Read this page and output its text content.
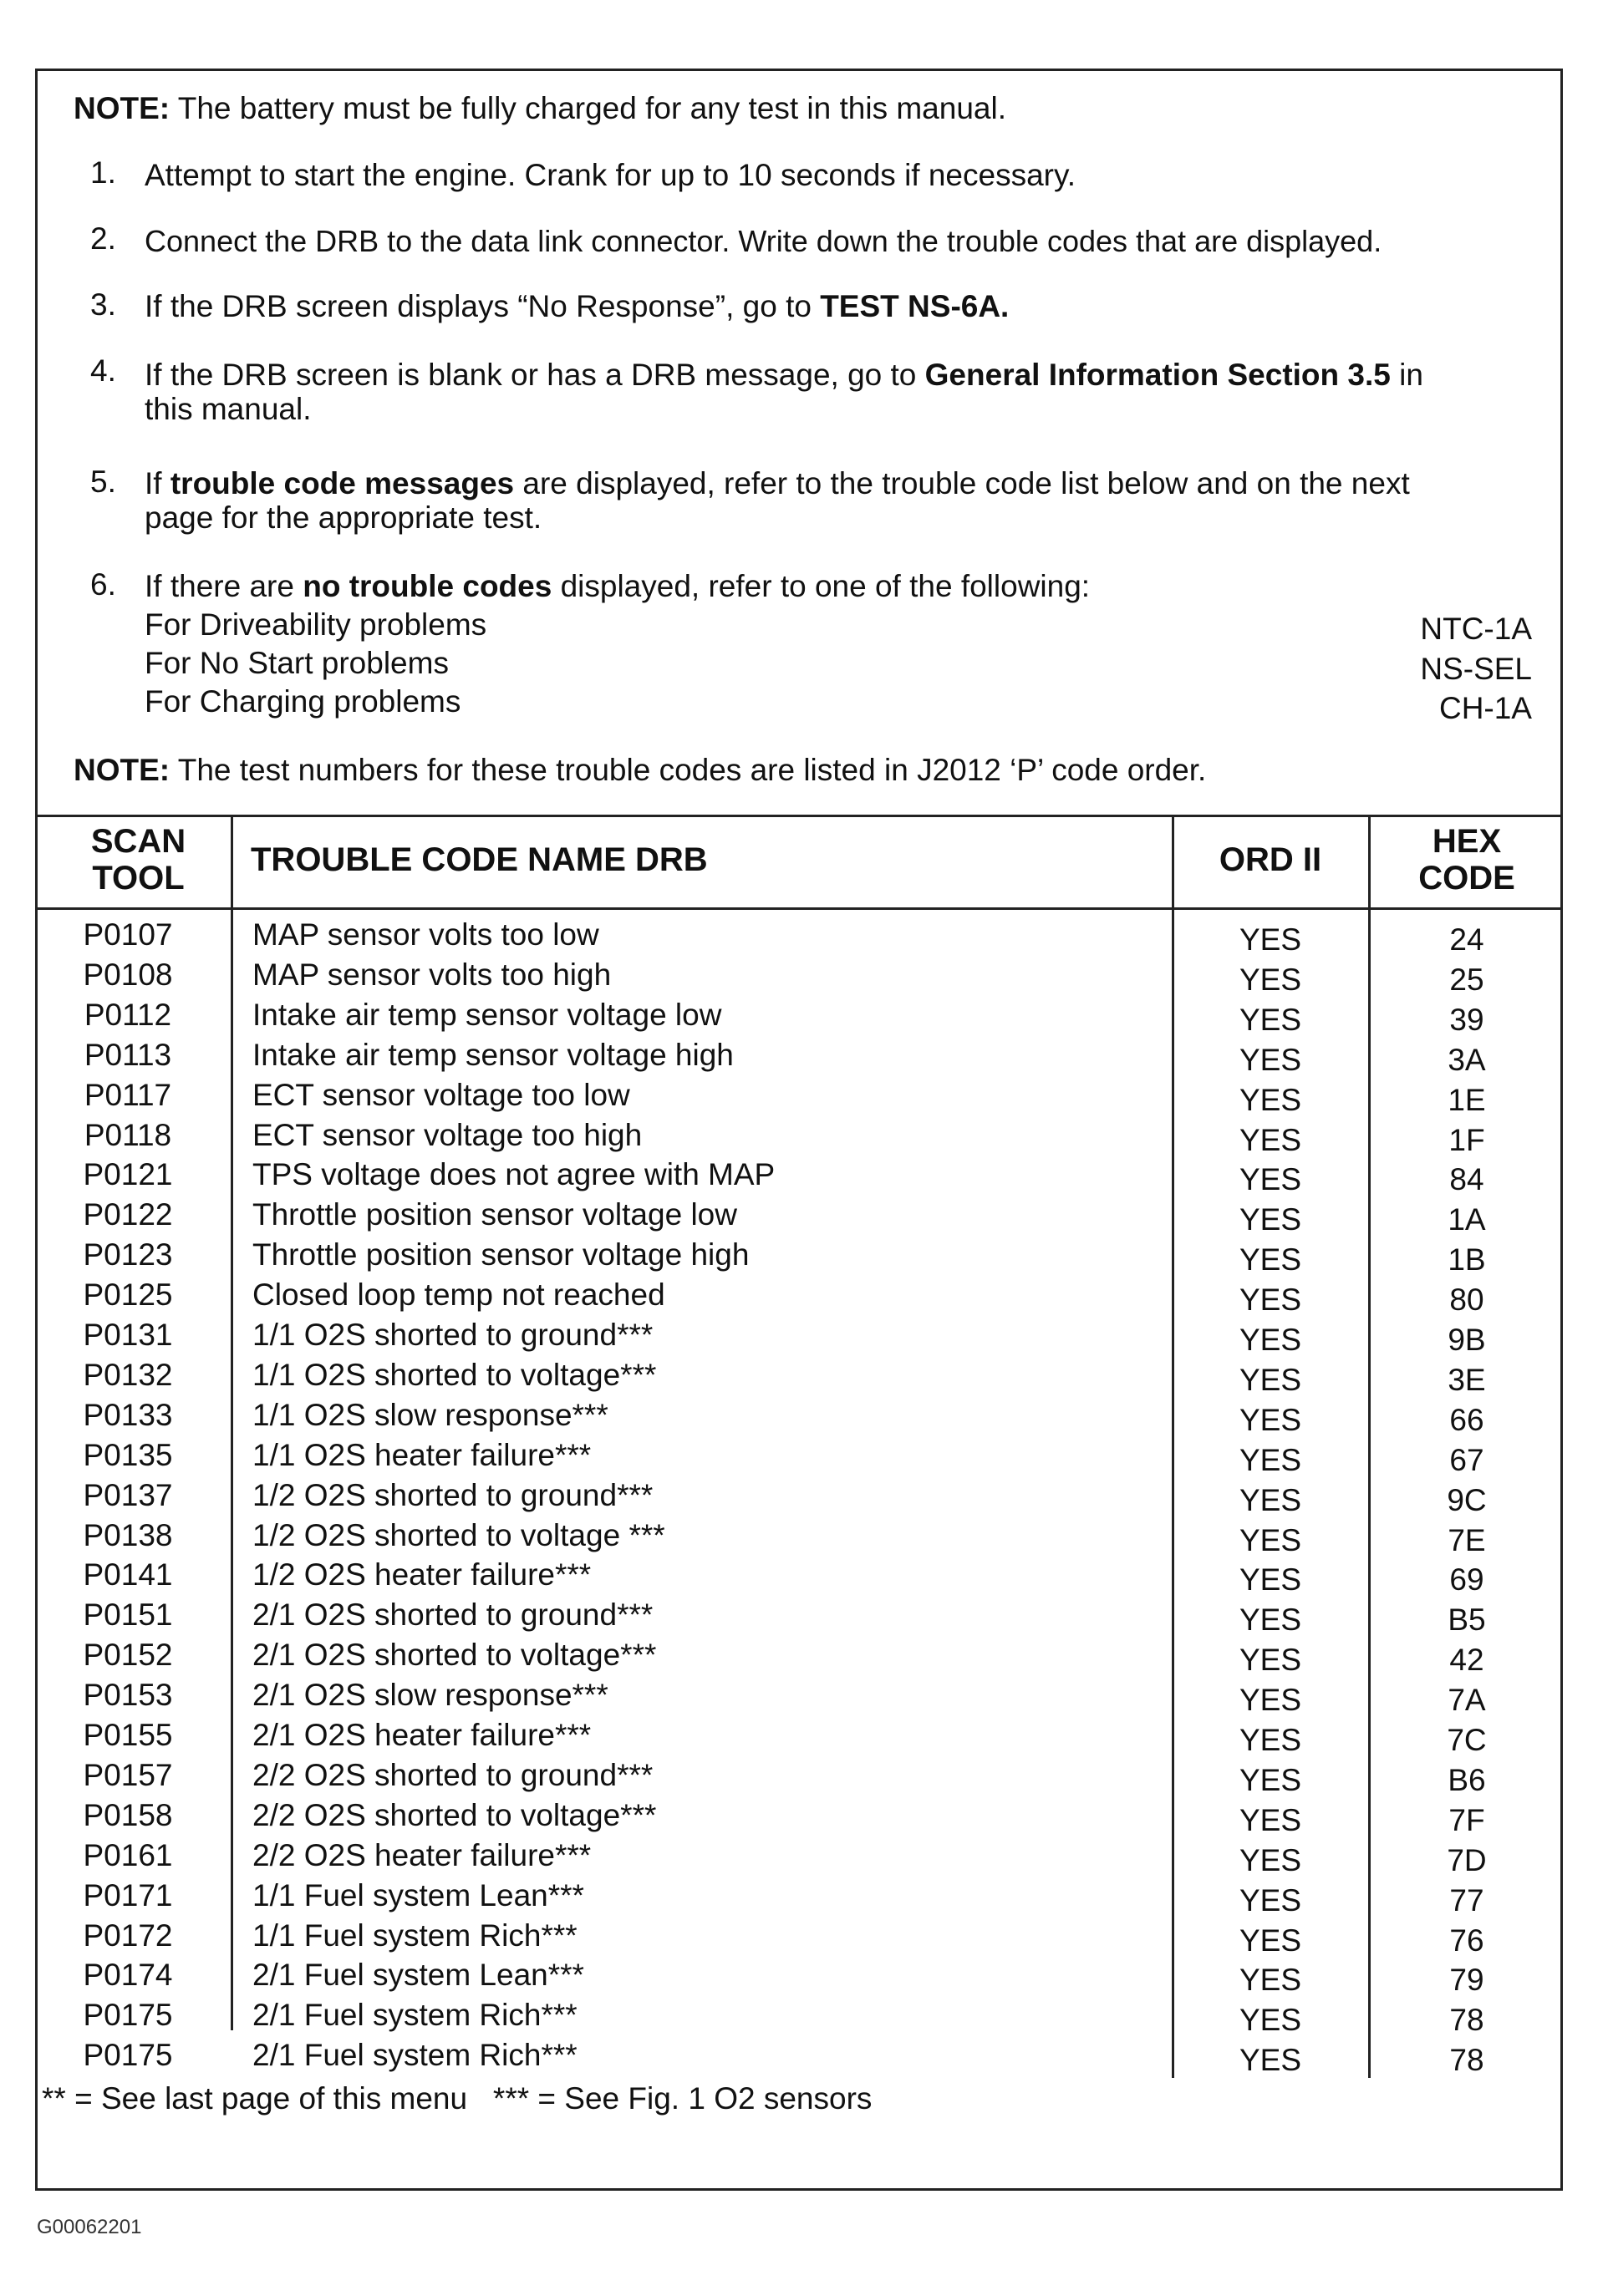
NOTE: The battery must be fully charged for any test in this manual.
1. Attempt to start the engine. Crank for up to 10 seconds if necessary.
2. Connect the DRB to the data link connector. Write down the trouble codes that are displayed.
3. If the DRB screen displays “No Response”, go to TEST NS-6A.
4. If the DRB screen is blank or has a DRB message, go to General Information Section 3.5 in
this manual.
5. If trouble code messages are displayed, refer to the trouble code list below and on the next
page for the appropriate test.
6. If there are no trouble codes displayed, refer to one of the following:
For Driveability problems	NTC-1A
For No Start problems	NS-SEL
For Charging problems	CH-1A
NOTE: The test numbers for these trouble codes are listed in J2012 ‘P’ code order.
SCAN
TOOL	TROUBLE CODE NAME DRB	ORD II	HEX
CODE
P0107	MAP sensor volts too low	YES	24
P0108	MAP sensor volts too high	YES	25
P0112	Intake air temp sensor voltage low	YES	39
P0113	Intake air temp sensor voltage high	YES	3A
P0117	ECT sensor voltage too low	YES	1E
P0118	ECT sensor voltage too high	YES	1F
P0121	TPS voltage does not agree with MAP	YES	84
P0122	Throttle position sensor voltage low	YES	1A
P0123	Throttle position sensor voltage high	YES	1B
P0125	Closed loop temp not reached	YES	80
P0131	1/1 O2S shorted to ground***	YES	9B
P0132	1/1 O2S shorted to voltage***	YES	3E
P0133	1/1 O2S slow response***	YES	66
P0135	1/1 O2S heater failure***	YES	67
P0137	1/2 O2S shorted to ground***	YES	9C
P0138	1/2 O2S shorted to voltage ***	YES	7E
P0141	1/2 O2S heater failure***	YES	69
P0151	2/1 O2S shorted to ground***	YES	B5
P0152	2/1 O2S shorted to voltage***	YES	42
P0153	2/1 O2S slow response***	YES	7A
P0155	2/1 O2S heater failure***	YES	7C
P0157	2/2 O2S shorted to ground***	YES	B6
P0158	2/2 O2S shorted to voltage***	YES	7F
P0161	2/2 O2S heater failure***	YES	7D
P0171	1/1 Fuel system Lean***	YES	77
P0172	1/1 Fuel system Rich***	YES	76
P0174	2/1 Fuel system Lean***	YES	79
P0175	2/1 Fuel system Rich***	YES	78
P0175	2/1 Fuel system Rich***	YES	78
** = See last page of this menu   *** = See Fig. 1 O2 sensors
G00062201
